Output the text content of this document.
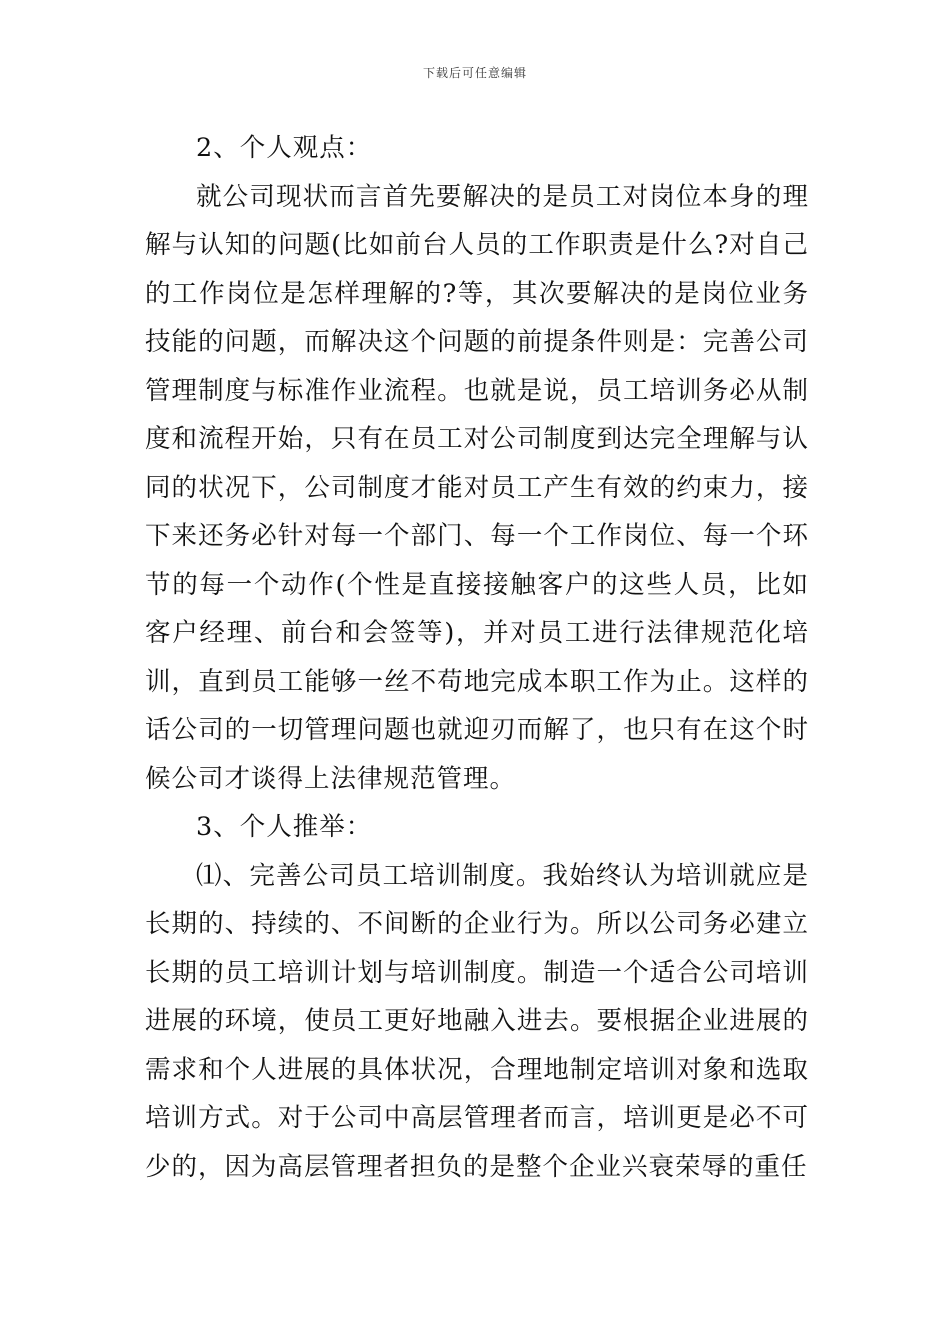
下载后可任意编辑

2、个人观点：

就公司现状而言首先要解决的是员工对岗位本身的理解与认知的问题(比如前台人员的工作职责是什么?对自己的工作岗位是怎样理解的?等，其次要解决的是岗位业务技能的问题，而解决这个问题的前提条件则是：完善公司管理制度与标准作业流程。也就是说，员工培训务必从制度和流程开始，只有在员工对公司制度到达完全理解与认同的状况下，公司制度才能对员工产生有效的约束力，接下来还务必针对每一个部门、每一个工作岗位、每一个环节的每一个动作(个性是直接接触客户的这些人员，比如客户经理、前台和会签等)，并对员工进行法律规范化培训，直到员工能够一丝不苟地完成本职工作为止。这样的话公司的一切管理问题也就迎刃而解了，也只有在这个时候公司才谈得上法律规范管理。

3、个人推举：

⑴、完善公司员工培训制度。我始终认为培训就应是长期的、持续的、不间断的企业行为。所以公司务必建立长期的员工培训计划与培训制度。制造一个适合公司培训进展的环境，使员工更好地融入进去。要根据企业进展的需求和个人进展的具体状况，合理地制定培训对象和选取培训方式。对于公司中高层管理者而言，培训更是必不可少的，因为高层管理者担负的是整个企业兴衰荣辱的重任
